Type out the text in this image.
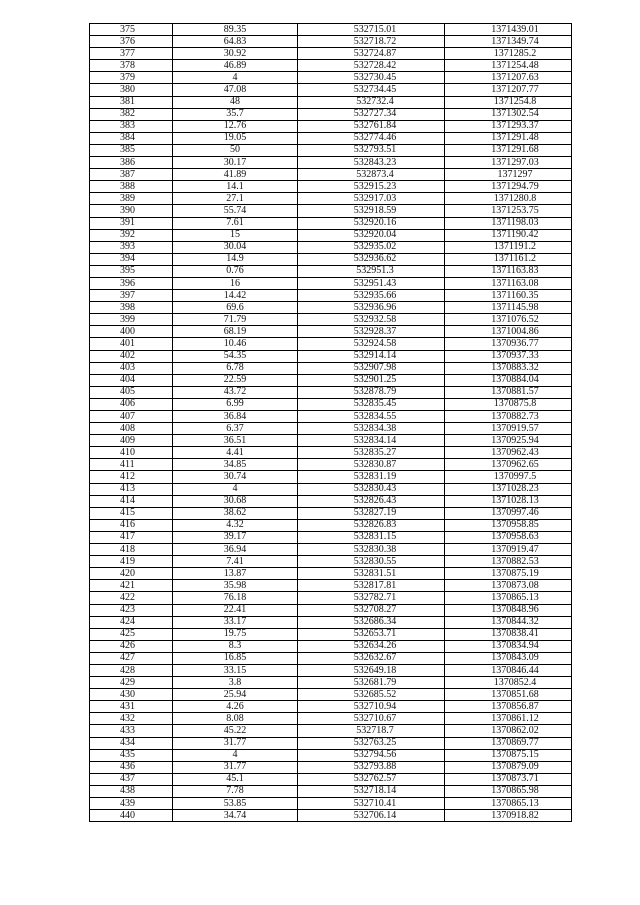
375	89.35	532715.01	1371439.01
376	64.83	532718.72	1371349.74
377	30.92	532724.87	1371285.2
378	46.89	532728.42	1371254.48
379	4	532730.45	1371207.63
380	47.08	532734.45	1371207.77
381	48	532732.4	1371254.8
382	35.7	532727.34	1371302.54
383	12.76	532761.84	1371293.37
384	19.05	532774.46	1371291.48
385	50	532793.51	1371291.68
386	30.17	532843.23	1371297.03
387	41.89	532873.4	1371297
388	14.1	532915.23	1371294.79
389	27.1	532917.03	1371280.8
390	55.74	532918.59	1371253.75
391	7.61	532920.16	1371198.03
392	15	532920.04	1371190.42
393	30.04	532935.02	1371191.2
394	14.9	532936.62	1371161.2
395	0.76	532951.3	1371163.83
396	16	532951.43	1371163.08
397	14.42	532935.66	1371160.35
398	69.6	532936.96	1371145.98
399	71.79	532932.58	1371076.52
400	68.19	532928.37	1371004.86
401	10.46	532924.58	1370936.77
402	54.35	532914.14	1370937.33
403	6.78	532907.98	1370883.32
404	22.59	532901.25	1370884.04
405	43.72	532878.79	1370881.57
406	6.99	532835.45	1370875.8
407	36.84	532834.55	1370882.73
408	6.37	532834.38	1370919.57
409	36.51	532834.14	1370925.94
410	4.41	532835.27	1370962.43
411	34.85	532830.87	1370962.65
412	30.74	532831.19	1370997.5
413	4	532830.43	1371028.23
414	30.68	532826.43	1371028.13
415	38.62	532827.19	1370997.46
416	4.32	532826.83	1370958.85
417	39.17	532831.15	1370958.63
418	36.94	532830.38	1370919.47
419	7.41	532830.55	1370882.53
420	13.87	532831.51	1370875.19
421	35.98	532817.81	1370873.08
422	76.18	532782.71	1370865.13
423	22.41	532708.27	1370848.96
424	33.17	532686.34	1370844.32
425	19.75	532653.71	1370838.41
426	8.3	532634.26	1370834.94
427	16.85	532632.67	1370843.09
428	33.15	532649.18	1370846.44
429	3.8	532681.79	1370852.4
430	25.94	532685.52	1370851.68
431	4.26	532710.94	1370856.87
432	8.08	532710.67	1370861.12
433	45.22	532718.7	1370862.02
434	31.77	532763.25	1370869.77
435	4	532794.56	1370875.15
436	31.77	532793.88	1370879.09
437	45.1	532762.57	1370873.71
438	7.78	532718.14	1370865.98
439	53.85	532710.41	1370865.13
440	34.74	532706.14	1370918.82
